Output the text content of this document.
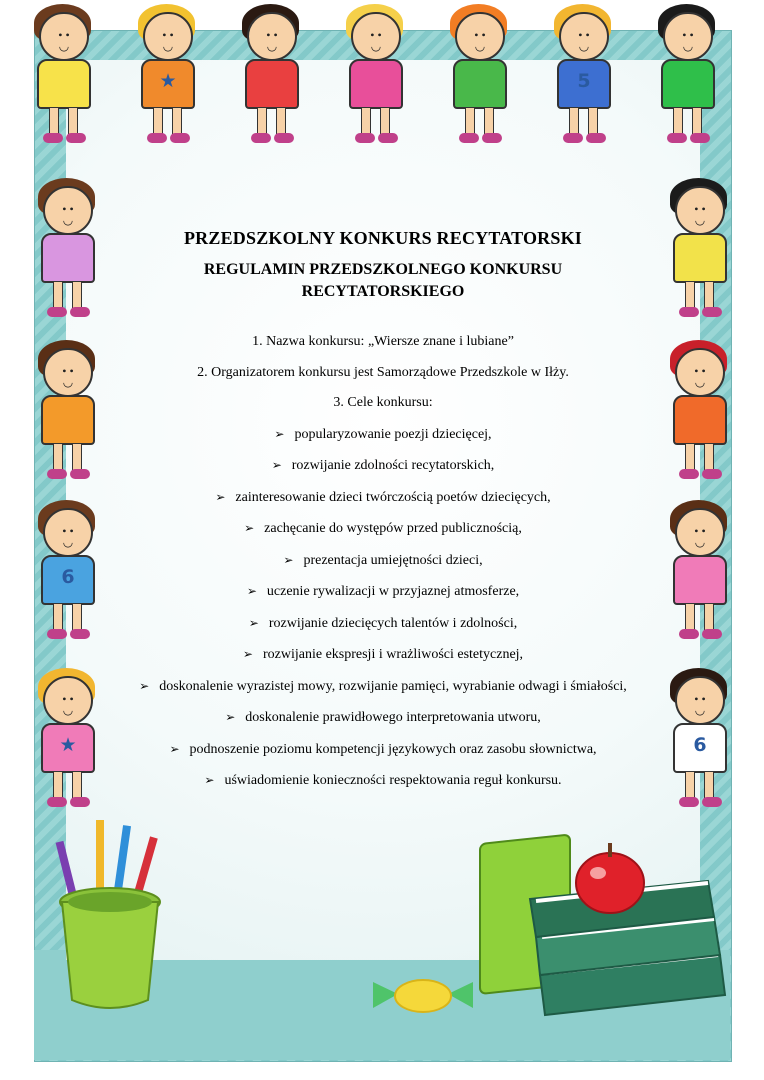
• •
◡
• •
◡
★
• •
◡
• •
◡
• •
◡
• •
◡
5
• •
◡
• •
◡
• •
◡
• •
◡
6
• •
◡
★
• •
◡
• •
◡
• •
◡
• •
◡
6
PRZEDSZKOLNY KONKURS RECYTATORSKI
REGULAMIN PRZEDSZKOLNEGO KONKURSU RECYTATORSKIEGO
1. Nazwa konkursu: „Wiersze znane i lubiane”
2. Organizatorem konkursu jest Samorządowe Przedszkole w Iłży.
3. Cele konkursu:
➢ popularyzowanie poezji dziecięcej,
➢ rozwijanie zdolności recytatorskich,
➢ zainteresowanie dzieci twórczością poetów dziecięcych,
➢ zachęcanie do występów przed publicznością,
➢ prezentacja umiejętności dzieci,
➢ uczenie rywalizacji w przyjaznej atmosferze,
➢ rozwijanie dziecięcych talentów i zdolności,
➢ rozwijanie ekspresji i wrażliwości estetycznej,
➢ doskonalenie wyrazistej mowy, rozwijanie pamięci, wyrabianie odwagi i śmiałości,
➢ doskonalenie prawidłowego interpretowania utworu,
➢ podnoszenie poziomu kompetencji językowych oraz zasobu słownictwa,
➢ uświadomienie konieczności respektowania reguł konkursu.
